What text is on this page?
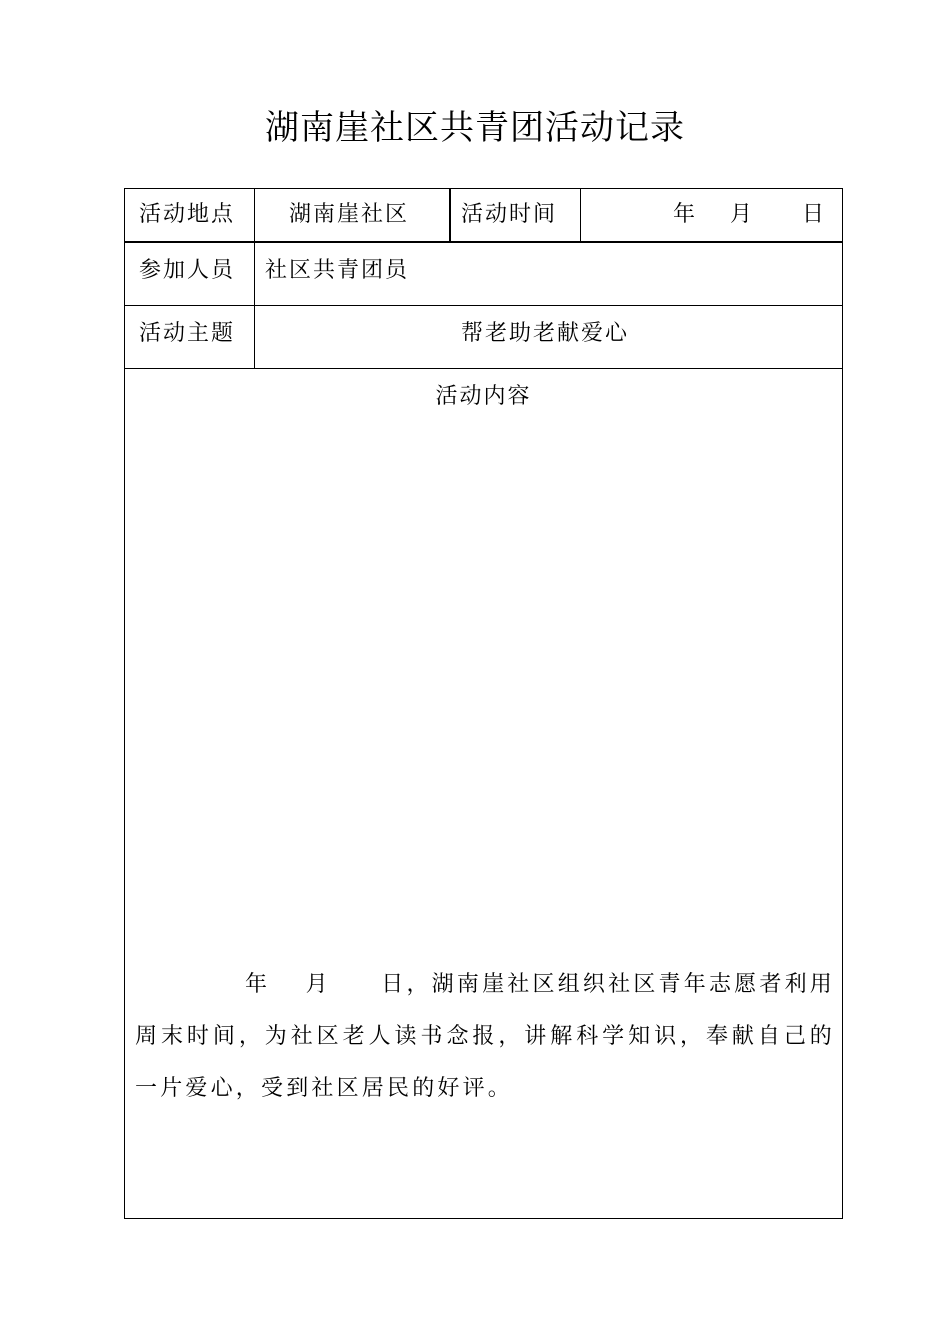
湖南崖社区共青团活动记录
活动地点 湖南崖社区 活动时间	年　 月　　日
参加人员 社区共青团员
活动主题	帮老助老献爱心
活动内容

年　 月　　日，湖南崖社区组织社区青年志愿者利用周末时间，为社区老人读书念报，讲解科学知识，奉献自己的一片爱心，受到社区居民的好评。
